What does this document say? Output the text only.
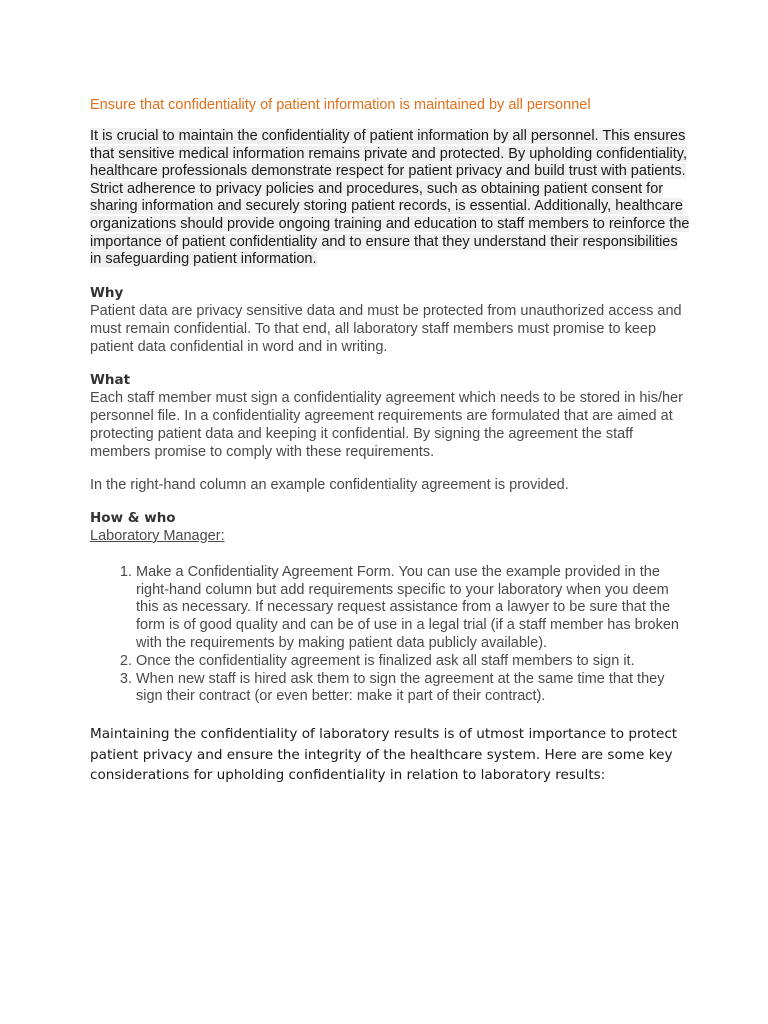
Ensure that confidentiality of patient information is maintained by all personnel

It is crucial to maintain the confidentiality of patient information by all personnel. This ensures that sensitive medical information remains private and protected. By upholding confidentiality, healthcare professionals demonstrate respect for patient privacy and build trust with patients. Strict adherence to privacy policies and procedures, such as obtaining patient consent for sharing information and securely storing patient records, is essential. Additionally, healthcare organizations should provide ongoing training and education to staff members to reinforce the importance of patient confidentiality and to ensure that they understand their responsibilities in safeguarding patient information.

Why

Patient data are privacy sensitive data and must be protected from unauthorized access and must remain confidential. To that end, all laboratory staff members must promise to keep patient data confidential in word and in writing.

What

Each staff member must sign a confidentiality agreement which needs to be stored in his/her personnel file. In a confidentiality agreement requirements are formulated that are aimed at protecting patient data and keeping it confidential. By signing the agreement the staff members promise to comply with these requirements.

In the right-hand column an example confidentiality agreement is provided.

How & who

Laboratory Manager:

1. Make a Confidentiality Agreement Form. You can use the example provided in the right-hand column but add requirements specific to your laboratory when you deem this as necessary. If necessary request assistance from a lawyer to be sure that the form is of good quality and can be of use in a legal trial (if a staff member has broken with the requirements by making patient data publicly available).
2. Once the confidentiality agreement is finalized ask all staff members to sign it.
3. When new staff is hired ask them to sign the agreement at the same time that they sign their contract (or even better: make it part of their contract).

Maintaining the confidentiality of laboratory results is of utmost importance to protect patient privacy and ensure the integrity of the healthcare system. Here are some key considerations for upholding confidentiality in relation to laboratory results:
